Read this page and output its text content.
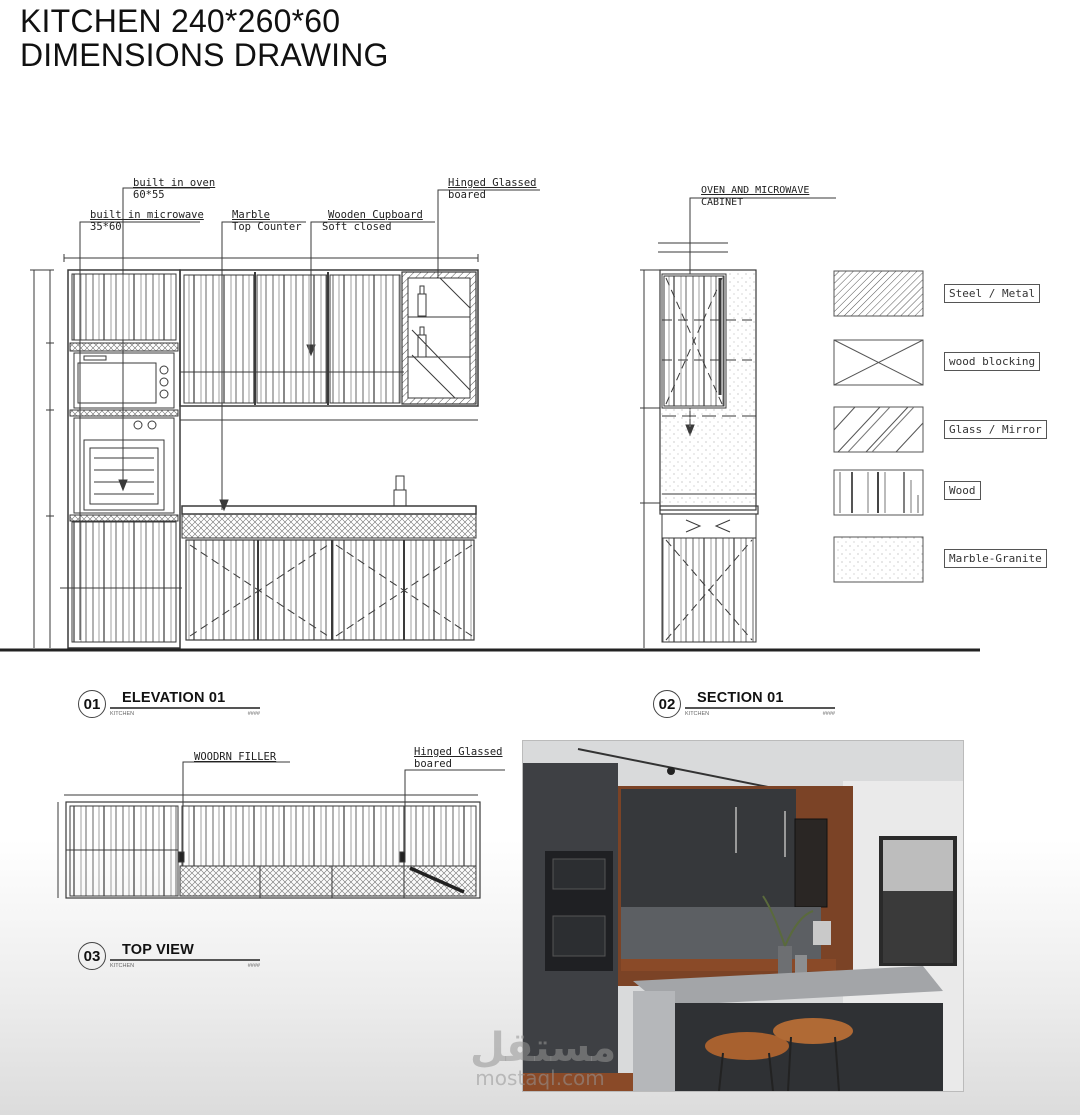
KITCHEN 240*260*60
DIMENSIONS DRAWING
built in oven
60*55
built in microwave
35*60
Marble
Top Counter
Wooden Cupboard
Soft closed
Hinged Glassed
boared	OVEN AND MICROWAVE
CABINET
Steel / Metal
wood blocking
Glass / Mirror
Wood
Marble-Granite
01	ELEVATION 01
KITCHEN	####
02	SECTION 01
KITCHEN	####
WOODRN FILLER	Hinged Glassed
boared
03	TOP VIEW
KITCHEN	####
مستقل
mostaql.com
